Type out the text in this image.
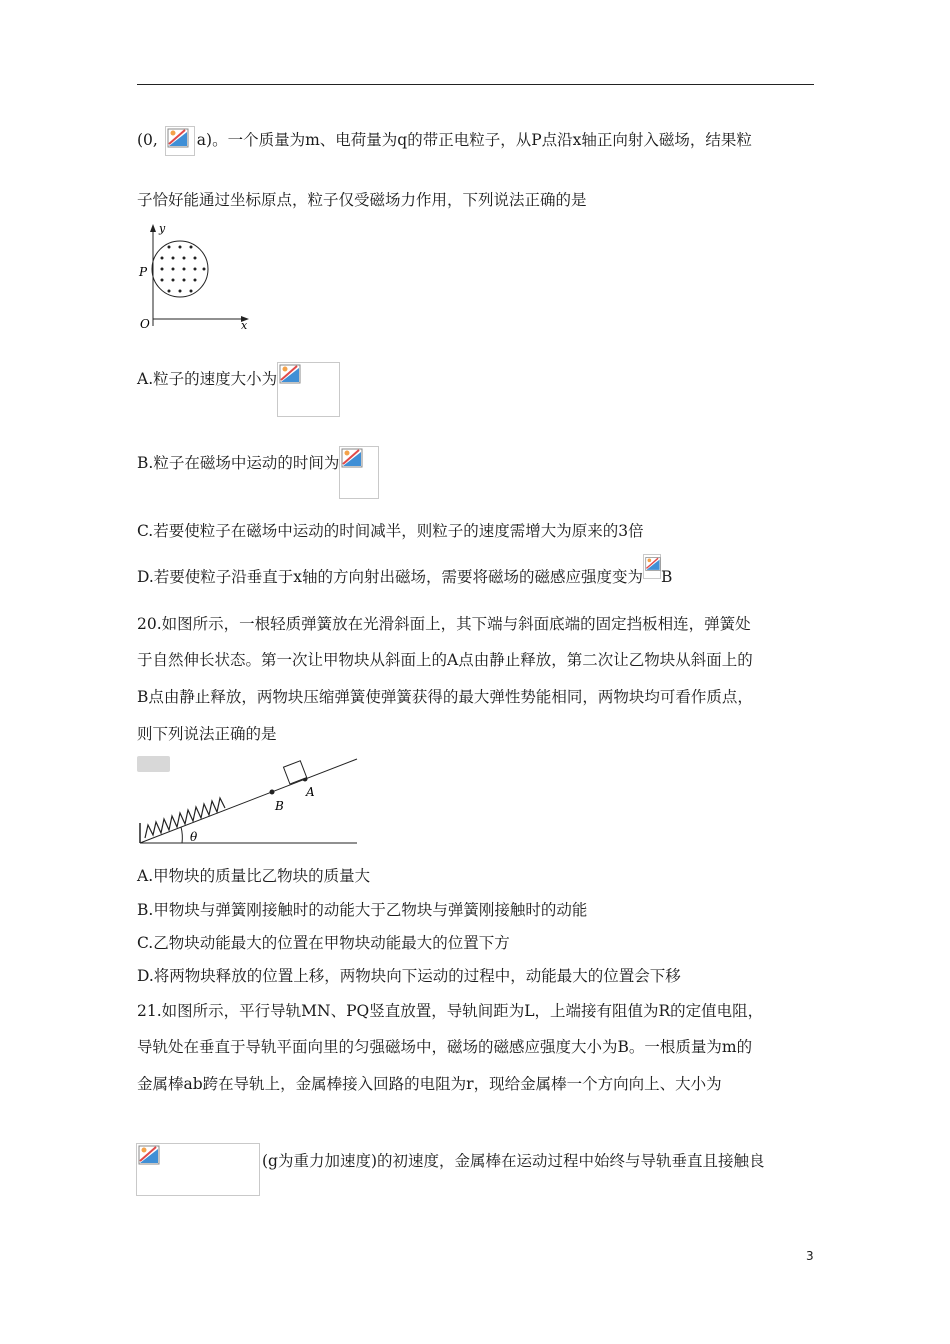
(0,	a)。一个质量为m、电荷量为q的带正电粒子，从P点沿x轴正向射入磁场，结果粒
子恰好能通过坐标原点，粒子仅受磁场力作用，下列说法正确的是
y
P
O	x
A.粒子的速度大小为
B.粒子在磁场中运动的时间为
C.若要使粒子在磁场中运动的时间减半，则粒子的速度需增大为原来的3倍
D.若要使粒子沿垂直于x轴的方向射出磁场，需要将磁场的磁感应强度变为 B
20.如图所示，一根轻质弹簧放在光滑斜面上，其下端与斜面底端的固定挡板相连，弹簧处
于自然伸长状态。第一次让甲物块从斜面上的A点由静止释放，第二次让乙物块从斜面上的
B点由静止释放，两物块压缩弹簧使弹簧获得的最大弹性势能相同，两物块均可看作质点，
则下列说法正确的是
θ
B
A
A.甲物块的质量比乙物块的质量大
B.甲物块与弹簧刚接触时的动能大于乙物块与弹簧刚接触时的动能
C.乙物块动能最大的位置在甲物块动能最大的位置下方
D.将两物块释放的位置上移，两物块向下运动的过程中，动能最大的位置会下移
21.如图所示，平行导轨MN、PQ竖直放置，导轨间距为L，上端接有阻值为R的定值电阻，
导轨处在垂直于导轨平面向里的匀强磁场中，磁场的磁感应强度大小为B。一根质量为m的
金属棒ab跨在导轨上，金属棒接入回路的电阻为r，现给金属棒一个方向向上、大小为
(g为重力加速度)的初速度，金属棒在运动过程中始终与导轨垂直且接触良
3
